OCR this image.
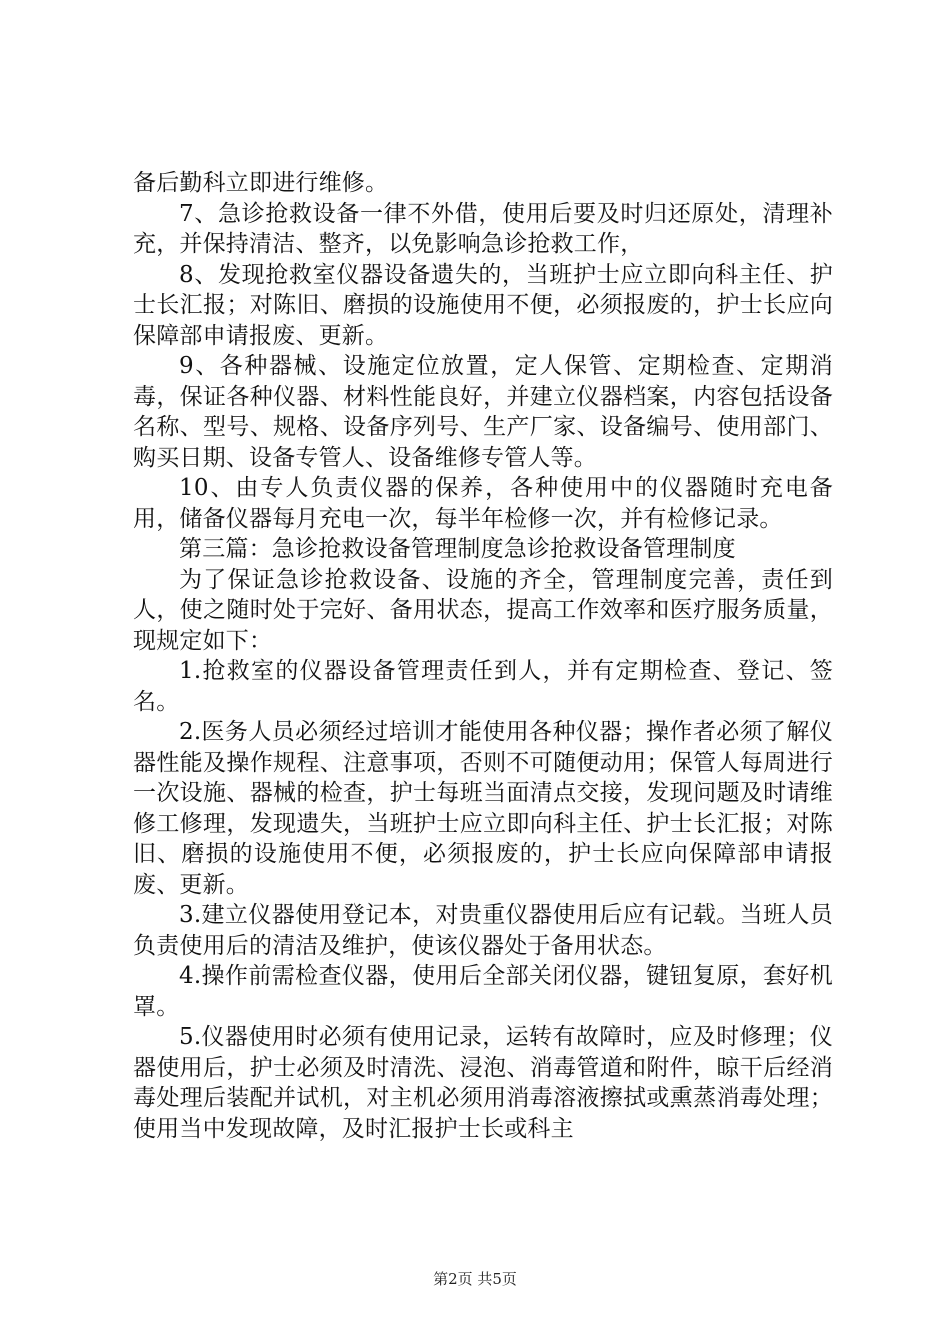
备后勤科立即进行维修。

7、急诊抢救设备一律不外借，使用后要及时归还原处，清理补充，并保持清洁、整齐，以免影响急诊抢救工作，

8、发现抢救室仪器设备遗失的，当班护士应立即向科主任、护士长汇报；对陈旧、磨损的设施使用不便，必须报废的，护士长应向保障部申请报废、更新。

9、各种器械、设施定位放置，定人保管、定期检查、定期消毒，保证各种仪器、材料性能良好，并建立仪器档案，内容包括设备名称、型号、规格、设备序列号、生产厂家、设备编号、使用部门、购买日期、设备专管人、设备维修专管人等。

10、由专人负责仪器的保养，各种使用中的仪器随时充电备用，储备仪器每月充电一次，每半年检修一次，并有检修记录。

第三篇：急诊抢救设备管理制度急诊抢救设备管理制度

为了保证急诊抢救设备、设施的齐全，管理制度完善，责任到人，使之随时处于完好、备用状态，提高工作效率和医疗服务质量，现规定如下：

1.抢救室的仪器设备管理责任到人，并有定期检查、登记、签名。

2.医务人员必须经过培训才能使用各种仪器；操作者必须了解仪器性能及操作规程、注意事项，否则不可随便动用；保管人每周进行一次设施、器械的检查，护士每班当面清点交接，发现问题及时请维修工修理，发现遗失，当班护士应立即向科主任、护士长汇报；对陈旧、磨损的设施使用不便，必须报废的，护士长应向保障部申请报废、更新。

3.建立仪器使用登记本，对贵重仪器使用后应有记载。当班人员负责使用后的清洁及维护，使该仪器处于备用状态。

4.操作前需检查仪器，使用后全部关闭仪器，键钮复原，套好机罩。

5.仪器使用时必须有使用记录，运转有故障时，应及时修理；仪器使用后，护士必须及时清洗、浸泡、消毒管道和附件，晾干后经消毒处理后装配并试机，对主机必须用消毒溶液擦拭或熏蒸消毒处理；使用当中发现故障，及时汇报护士长或科主

第2页 共5页
